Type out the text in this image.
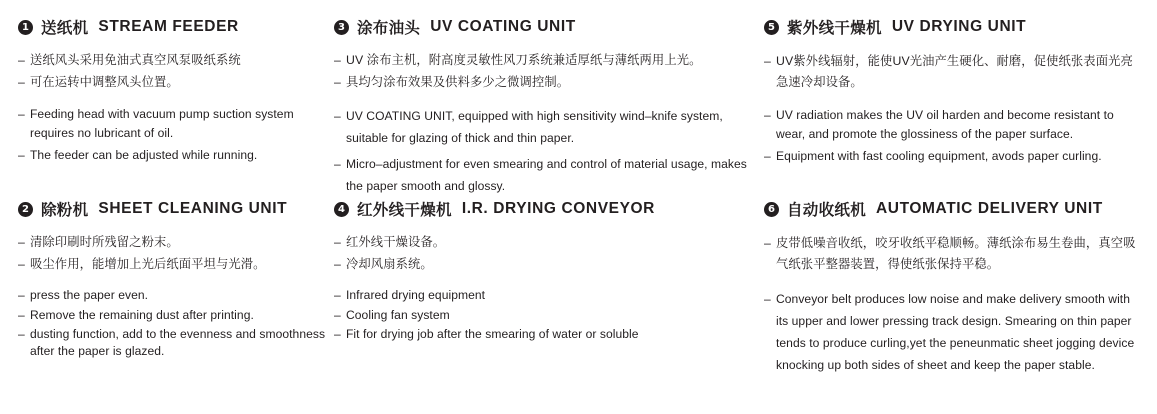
1 送纸机 STREAM FEEDER
– 送纸风头采用免油式真空风泵吸纸系统
– 可在运转中调整风头位置。
– Feeding head with vacuum pump suction system requires no lubricant of oil.
– The feeder can be adjusted while running.
2 除粉机 SHEET CLEANING UNIT
– 清除印刷时所残留之粉末。
– 吸尘作用，能增加上光后纸面平坦与光滑。
– press the paper even.
– Remove the remaining dust after printing.
– dusting function, add to the evenness and smoothness after the paper is glazed.
3 涂布油头 UV COATING UNIT
– UV 涂布主机，附高度灵敏性风刀系统兼适厚纸与薄纸两用上光。
– 具均匀涂布效果及供料多少之微调控制。
– UV COATING UNIT, equipped with high sensitivity wind–knife system, suitable for glazing of thick and thin paper.
– Micro–adjustment for even smearing and control of material usage, makes the paper smooth and glossy.
4 红外线干燥机 I.R. DRYING CONVEYOR
– 红外线干燥设备。
– 冷却风扇系统。
– Infrared drying equipment
– Cooling fan system
– Fit for drying job after the smearing of water or soluble
5 紫外线干燥机 UV DRYING UNIT
– UV紫外线辐射，能使UV光油产生硬化、耐磨，促使纸张表面光亮急速冷却设备。
– UV radiation makes the UV oil harden and become resistant to wear, and promote the glossiness of the paper surface.
– Equipment with fast cooling equipment, avods paper curling.
6 自动收纸机 AUTOMATIC DELIVERY UNIT
– 皮带低噪音收纸，咬牙收纸平稳顺畅。薄纸涂布易生卷曲，真空吸气纸张平整器装置，得使纸张保持平稳。
– Conveyor belt produces low noise and make delivery smooth with its upper and lower pressing track design. Smearing on thin paper tends to produce curling,yet the peneunmatic sheet jogging device knocking up both sides of sheet and keep the paper stable.
